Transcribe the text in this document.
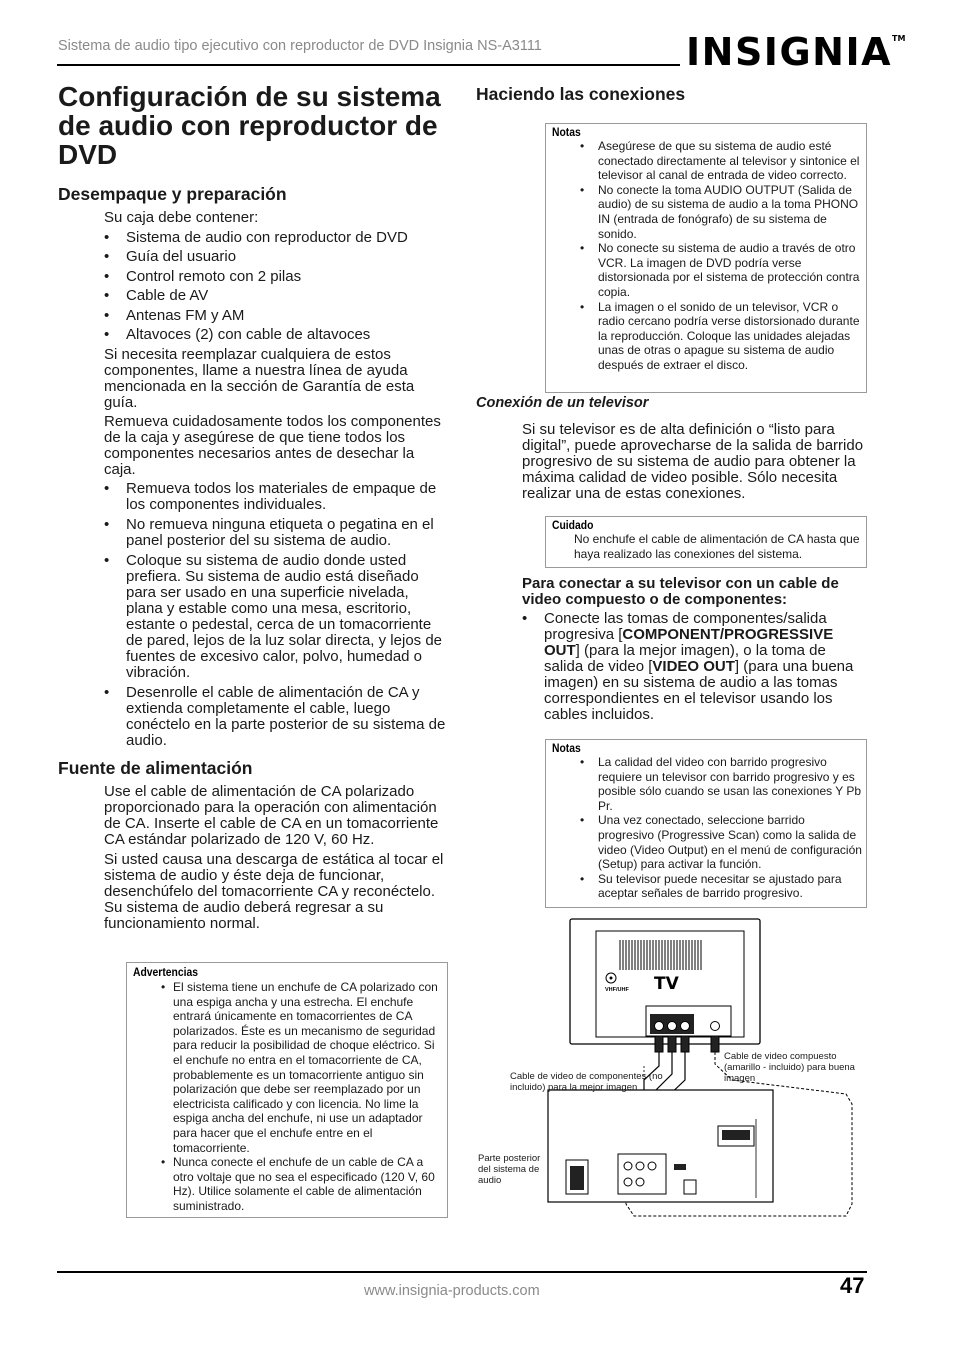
Sistema de audio tipo ejecutivo con reproductor de DVD Insignia NS-A3111	INSIGNIA™
Configuración de su sistema de audio con reproductor de DVD
Desempaque y preparación

Su caja debe contener:

• Sistema de audio con reproductor de DVD
• Guía del usuario
• Control remoto con 2 pilas
• Cable de AV
• Antenas FM y AM
• Altavoces (2) con cable de altavoces

Si necesita reemplazar cualquiera de estos componentes, llame a nuestra línea de ayuda mencionada en la sección de Garantía de esta guía.

Remueva cuidadosamente todos los componentes de la caja y asegúrese de que tiene todos los componentes necesarios antes de desechar la caja.

• Remueva todos los materiales de empaque de los componentes individuales.
• No remueva ninguna etiqueta o pegatina en el panel posterior del su sistema de audio.
• Coloque su sistema de audio donde usted prefiera. Su sistema de audio está diseñado para ser usado en una superficie nivelada, plana y estable como una mesa, escritorio, estante o pedestal, cerca de un tomacorriente de pared, lejos de la luz solar directa, y lejos de fuentes de excesivo calor, polvo, humedad o vibración.
• Desenrolle el cable de alimentación de CA y extienda completamente el cable, luego conéctelo en la parte posterior de su sistema de audio.
Fuente de alimentación

Use el cable de alimentación de CA polarizado proporcionado para la operación con alimentación de CA. Inserte el cable de CA en un tomacorriente CA estándar polarizado de 120 V, 60 Hz.

Si usted causa una descarga de estática al tocar el sistema de audio y éste deja de funcionar, desenchúfelo del tomacorriente CA y reconéctelo. Su sistema de audio deberá regresar a su funcionamiento normal.

Advertencias

• El sistema tiene un enchufe de CA polarizado con una espiga ancha y una estrecha. El enchufe entrará únicamente en tomacorrientes de CA polarizados. Éste es un mecanismo de seguridad para reducir la posibilidad de choque eléctrico. Si el enchufe no entra en el tomacorriente de CA, probablemente es un tomacorriente antiguo sin polarización que debe ser reemplazado por un electricista calificado y con licencia. No lime la espiga ancha del enchufe, ni use un adaptador para hacer que el enchufe entre en el tomacorriente.
• Nunca conecte el enchufe de un cable de CA a otro voltaje que no sea el especificado (120 V, 60 Hz). Utilice solamente el cable de alimentación suministrado.
Haciendo las conexiones

Notas

• Asegúrese de que su sistema de audio esté conectado directamente al televisor y sintonice el televisor al canal de entrada de video correcto.
• No conecte la toma AUDIO OUTPUT (Salida de audio) de su sistema de audio a la toma PHONO IN (entrada de fonógrafo) de su sistema de sonido.
• No conecte su sistema de audio a través de otro VCR. La imagen de DVD podría verse distorsionada por el sistema de protección contra copia.
• La imagen o el sonido de un televisor, VCR o radio cercano podría verse distorsionado durante la reproducción. Coloque las unidades alejadas unas de otras o apague su sistema de audio después de extraer el disco.
Conexión de un televisor

Si su televisor es de alta definición o “listo para digital”, puede aprovecharse de la salida de barrido progresivo de su sistema de audio para obtener la máxima calidad de video posible. Sólo necesita realizar una de estas conexiones.

Cuidado

No enchufe el cable de alimentación de CA hasta que haya realizado las conexiones del sistema.

Para conectar a su televisor con un cable de video compuesto o de componentes:

• Conecte las tomas de componentes/salida progresiva [COMPONENT/PROGRESSIVE OUT] (para la mejor imagen), o la toma de salida de video [VIDEO OUT] (para una buena imagen) en su sistema de audio a las tomas correspondientes en el televisor usando los cables incluidos.

Notas

• La calidad del video con barrido progresivo requiere un televisor con barrido progresivo y es posible sólo cuando se usan las conexiones Y Pb Pr.
• Una vez conectado, seleccione barrido progresivo (Progressive Scan) como la salida de video (Video Output) en el menú de configuración (Setup) para activar la función.
• Su televisor puede necesitar se ajustado para aceptar señales de barrido progresivo.
TV
VHF/UHF
Cable de video de componentes (no incluido) para la mejor imagen
Cable de video compuesto (amarillo - incluido) para buena imagen
Parte posterior del sistema de audio
www.insignia-products.com	47
